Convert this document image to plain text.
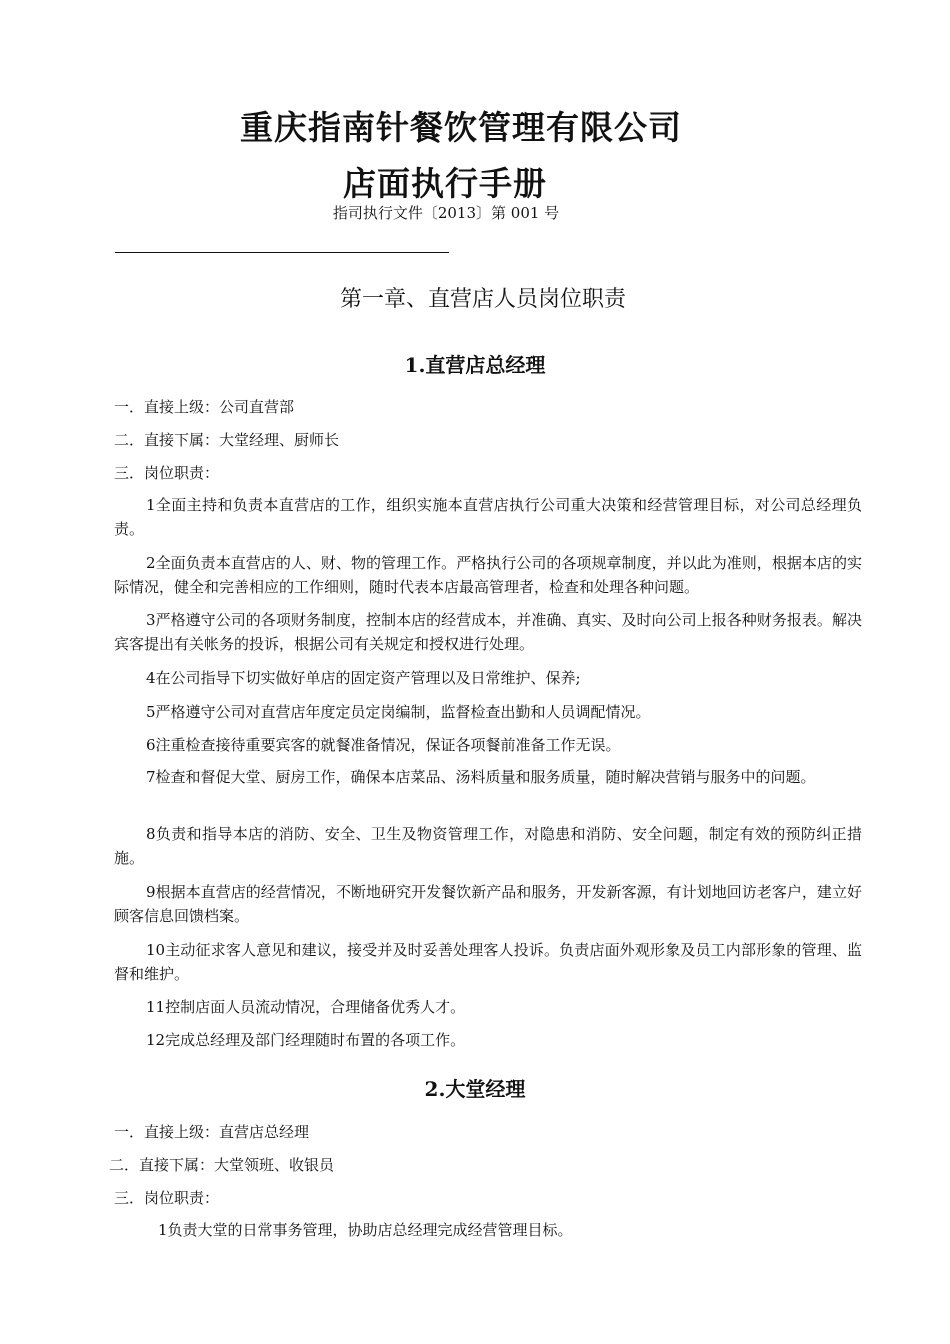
重庆指南针餐饮管理有限公司
店面执行手册
指司执行文件〔2013〕第 001 号
第一章、直营店人员岗位职责
1.直营店总经理
一．直接上级：公司直营部
二．直接下属：大堂经理、厨师长
三．岗位职责：
1全面主持和负责本直营店的工作，组织实施本直营店执行公司重大决策和经营管理目标，对公司总经理负责。
2全面负责本直营店的人、财、物的管理工作。严格执行公司的各项规章制度，并以此为准则，根据本店的实际情况，健全和完善相应的工作细则，随时代表本店最高管理者，检查和处理各种问题。
3严格遵守公司的各项财务制度，控制本店的经营成本，并准确、真实、及时向公司上报各种财务报表。解决宾客提出有关帐务的投诉，根据公司有关规定和授权进行处理。
4在公司指导下切实做好单店的固定资产管理以及日常维护、保养;
5严格遵守公司对直营店年度定员定岗编制，监督检查出勤和人员调配情况。
6注重检查接待重要宾客的就餐准备情况，保证各项餐前准备工作无误。
7检查和督促大堂、厨房工作，确保本店菜品、汤料质量和服务质量，随时解决营销与服务中的问题。
8负责和指导本店的消防、安全、卫生及物资管理工作，对隐患和消防、安全问题，制定有效的预防纠正措施。
9根据本直营店的经营情况，不断地研究开发餐饮新产品和服务，开发新客源，有计划地回访老客户，建立好顾客信息回馈档案。
10主动征求客人意见和建议，接受并及时妥善处理客人投诉。负责店面外观形象及员工内部形象的管理、监督和维护。
11控制店面人员流动情况，合理储备优秀人才。
12完成总经理及部门经理随时布置的各项工作。
2.大堂经理
一．直接上级：直营店总经理
二．直接下属：大堂领班、收银员
三．岗位职责：
1负责大堂的日常事务管理，协助店总经理完成经营管理目标。
